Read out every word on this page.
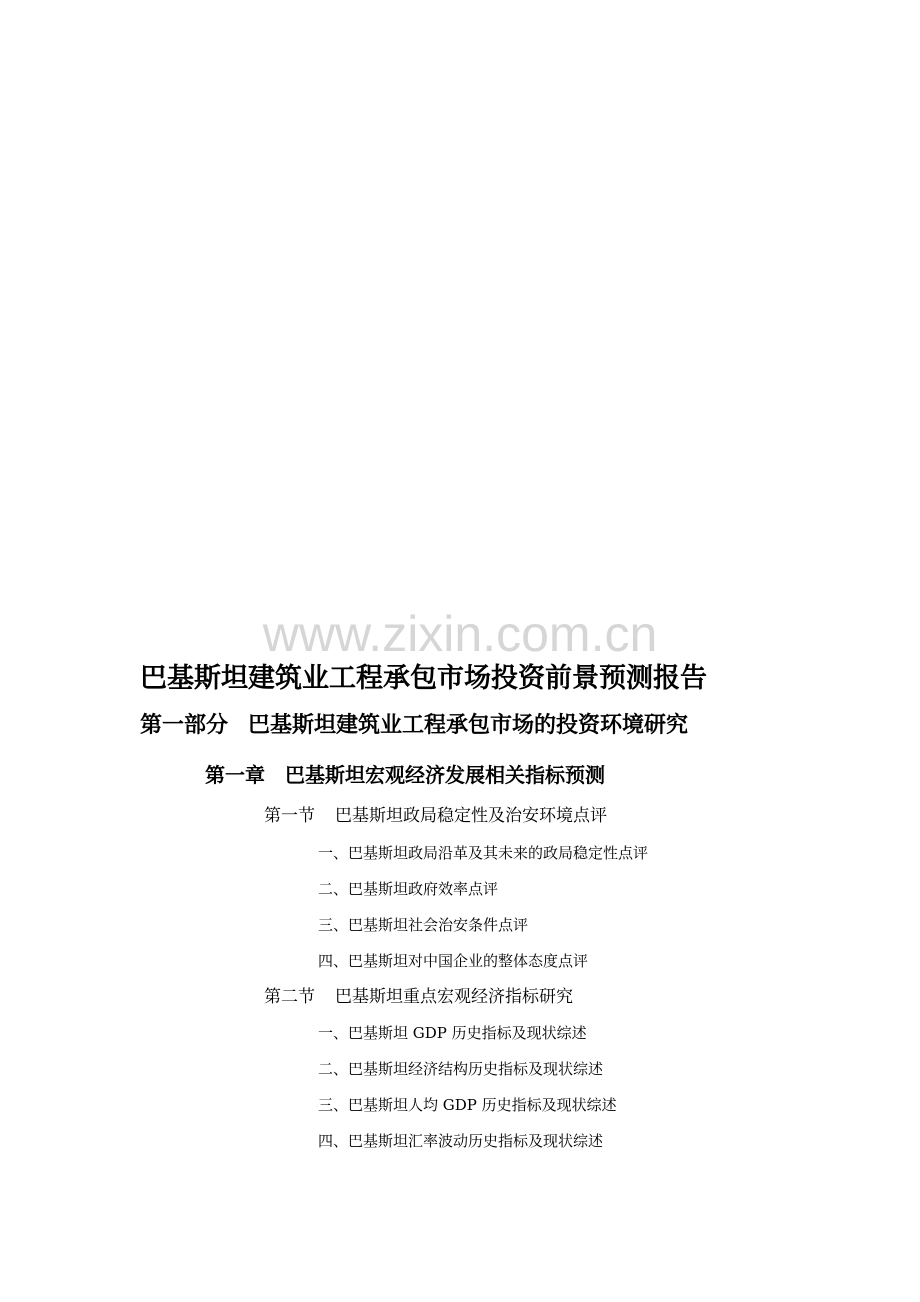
www.zixin.com.cn
巴基斯坦建筑业工程承包市场投资前景预测报告
第一部分 巴基斯坦建筑业工程承包市场的投资环境研究
第一章 巴基斯坦宏观经济发展相关指标预测
第一节 巴基斯坦政局稳定性及治安环境点评
一、巴基斯坦政局沿革及其未来的政局稳定性点评
二、巴基斯坦政府效率点评
三、巴基斯坦社会治安条件点评
四、巴基斯坦对中国企业的整体态度点评
第二节 巴基斯坦重点宏观经济指标研究
一、巴基斯坦 GDP 历史指标及现状综述
二、巴基斯坦经济结构历史指标及现状综述
三、巴基斯坦人均 GDP 历史指标及现状综述
四、巴基斯坦汇率波动历史指标及现状综述
